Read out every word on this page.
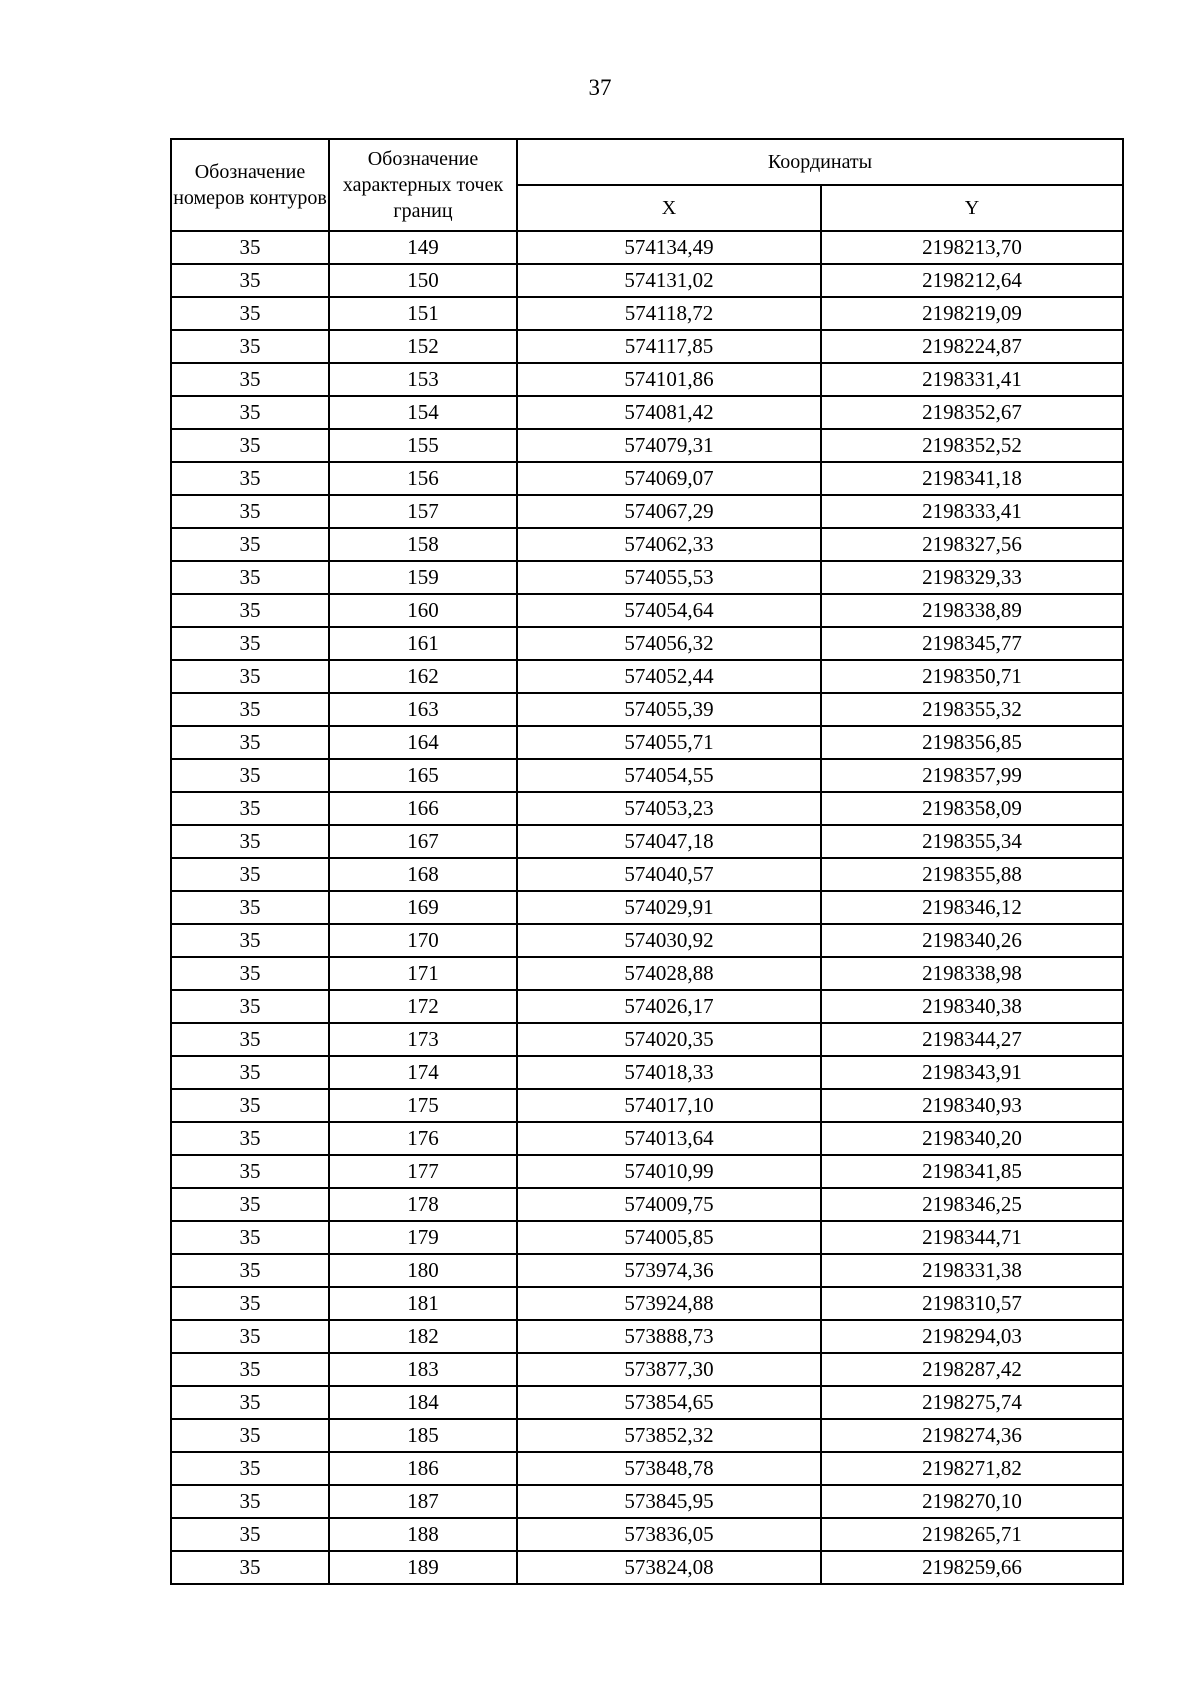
37
Обозначение номеров контуров	Обозначение характерных точек границ	Координаты	
		X	Y
35	149	574134,49	2198213,70
35	150	574131,02	2198212,64
35	151	574118,72	2198219,09
35	152	574117,85	2198224,87
35	153	574101,86	2198331,41
35	154	574081,42	2198352,67
35	155	574079,31	2198352,52
35	156	574069,07	2198341,18
35	157	574067,29	2198333,41
35	158	574062,33	2198327,56
35	159	574055,53	2198329,33
35	160	574054,64	2198338,89
35	161	574056,32	2198345,77
35	162	574052,44	2198350,71
35	163	574055,39	2198355,32
35	164	574055,71	2198356,85
35	165	574054,55	2198357,99
35	166	574053,23	2198358,09
35	167	574047,18	2198355,34
35	168	574040,57	2198355,88
35	169	574029,91	2198346,12
35	170	574030,92	2198340,26
35	171	574028,88	2198338,98
35	172	574026,17	2198340,38
35	173	574020,35	2198344,27
35	174	574018,33	2198343,91
35	175	574017,10	2198340,93
35	176	574013,64	2198340,20
35	177	574010,99	2198341,85
35	178	574009,75	2198346,25
35	179	574005,85	2198344,71
35	180	573974,36	2198331,38
35	181	573924,88	2198310,57
35	182	573888,73	2198294,03
35	183	573877,30	2198287,42
35	184	573854,65	2198275,74
35	185	573852,32	2198274,36
35	186	573848,78	2198271,82
35	187	573845,95	2198270,10
35	188	573836,05	2198265,71
35	189	573824,08	2198259,66
